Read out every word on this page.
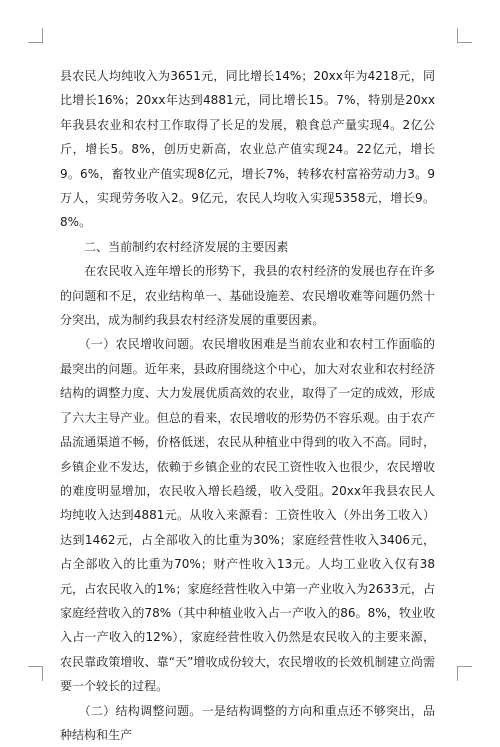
县农民人均纯收入为3651元，同比增长14%；20xx年为4218元，同比增长16%；20xx年达到4881元，同比增长15。7%，特别是20xx年我县农业和农村工作取得了长足的发展，粮食总产量实现4。2亿公斤，增长5。8%，创历史新高，农业总产值实现24。22亿元，增长9。6%，畜牧业产值实现8亿元，增长7%，转移农村富裕劳动力3。9万人，实现劳务收入2。9亿元，农民人均收入实现5358元，增长9。8%。

　　二、当前制约农村经济发展的主要因素

　　在农民收入连年增长的形势下，我县的农村经济的发展也存在许多的问题和不足，农业结构单一、基础设施差、农民增收难等问题仍然十分突出，成为制约我县农村经济发展的重要因素。

　　（一）农民增收问题。农民增收困难是当前农业和农村工作面临的最突出的问题。近年来，县政府围绕这个中心，加大对农业和农村经济结构的调整力度、大力发展优质高效的农业，取得了一定的成效，形成了六大主导产业。但总的看来，农民增收的形势仍不容乐观。由于农产品流通渠道不畅，价格低迷，农民从种植业中得到的收入不高。同时，乡镇企业不发达，依赖于乡镇企业的农民工资性收入也很少，农民增收的难度明显增加，农民收入增长趋缓，收入受阻。20xx年我县农民人均纯收入达到4881元。从收入来源看：工资性收入（外出务工收入）达到1462元，占全部收入的比重为30%；家庭经营性收入3406元，占全部收入的比重为70%；财产性收入13元。人均工业收入仅有38元，占农民收入的1%；家庭经营性收入中第一产业收入为2633元，占家庭经营收入的78%（其中种植业收入占一产收入的86。8%，牧业收入占一产收入的12%），家庭经营性收入仍然是农民收入的主要来源，农民靠政策增收、靠“天”增收成份较大，农民增收的长效机制建立尚需要一个较长的过程。

　　（二）结构调整问题。一是结构调整的方向和重点还不够突出，品种结构和生产
